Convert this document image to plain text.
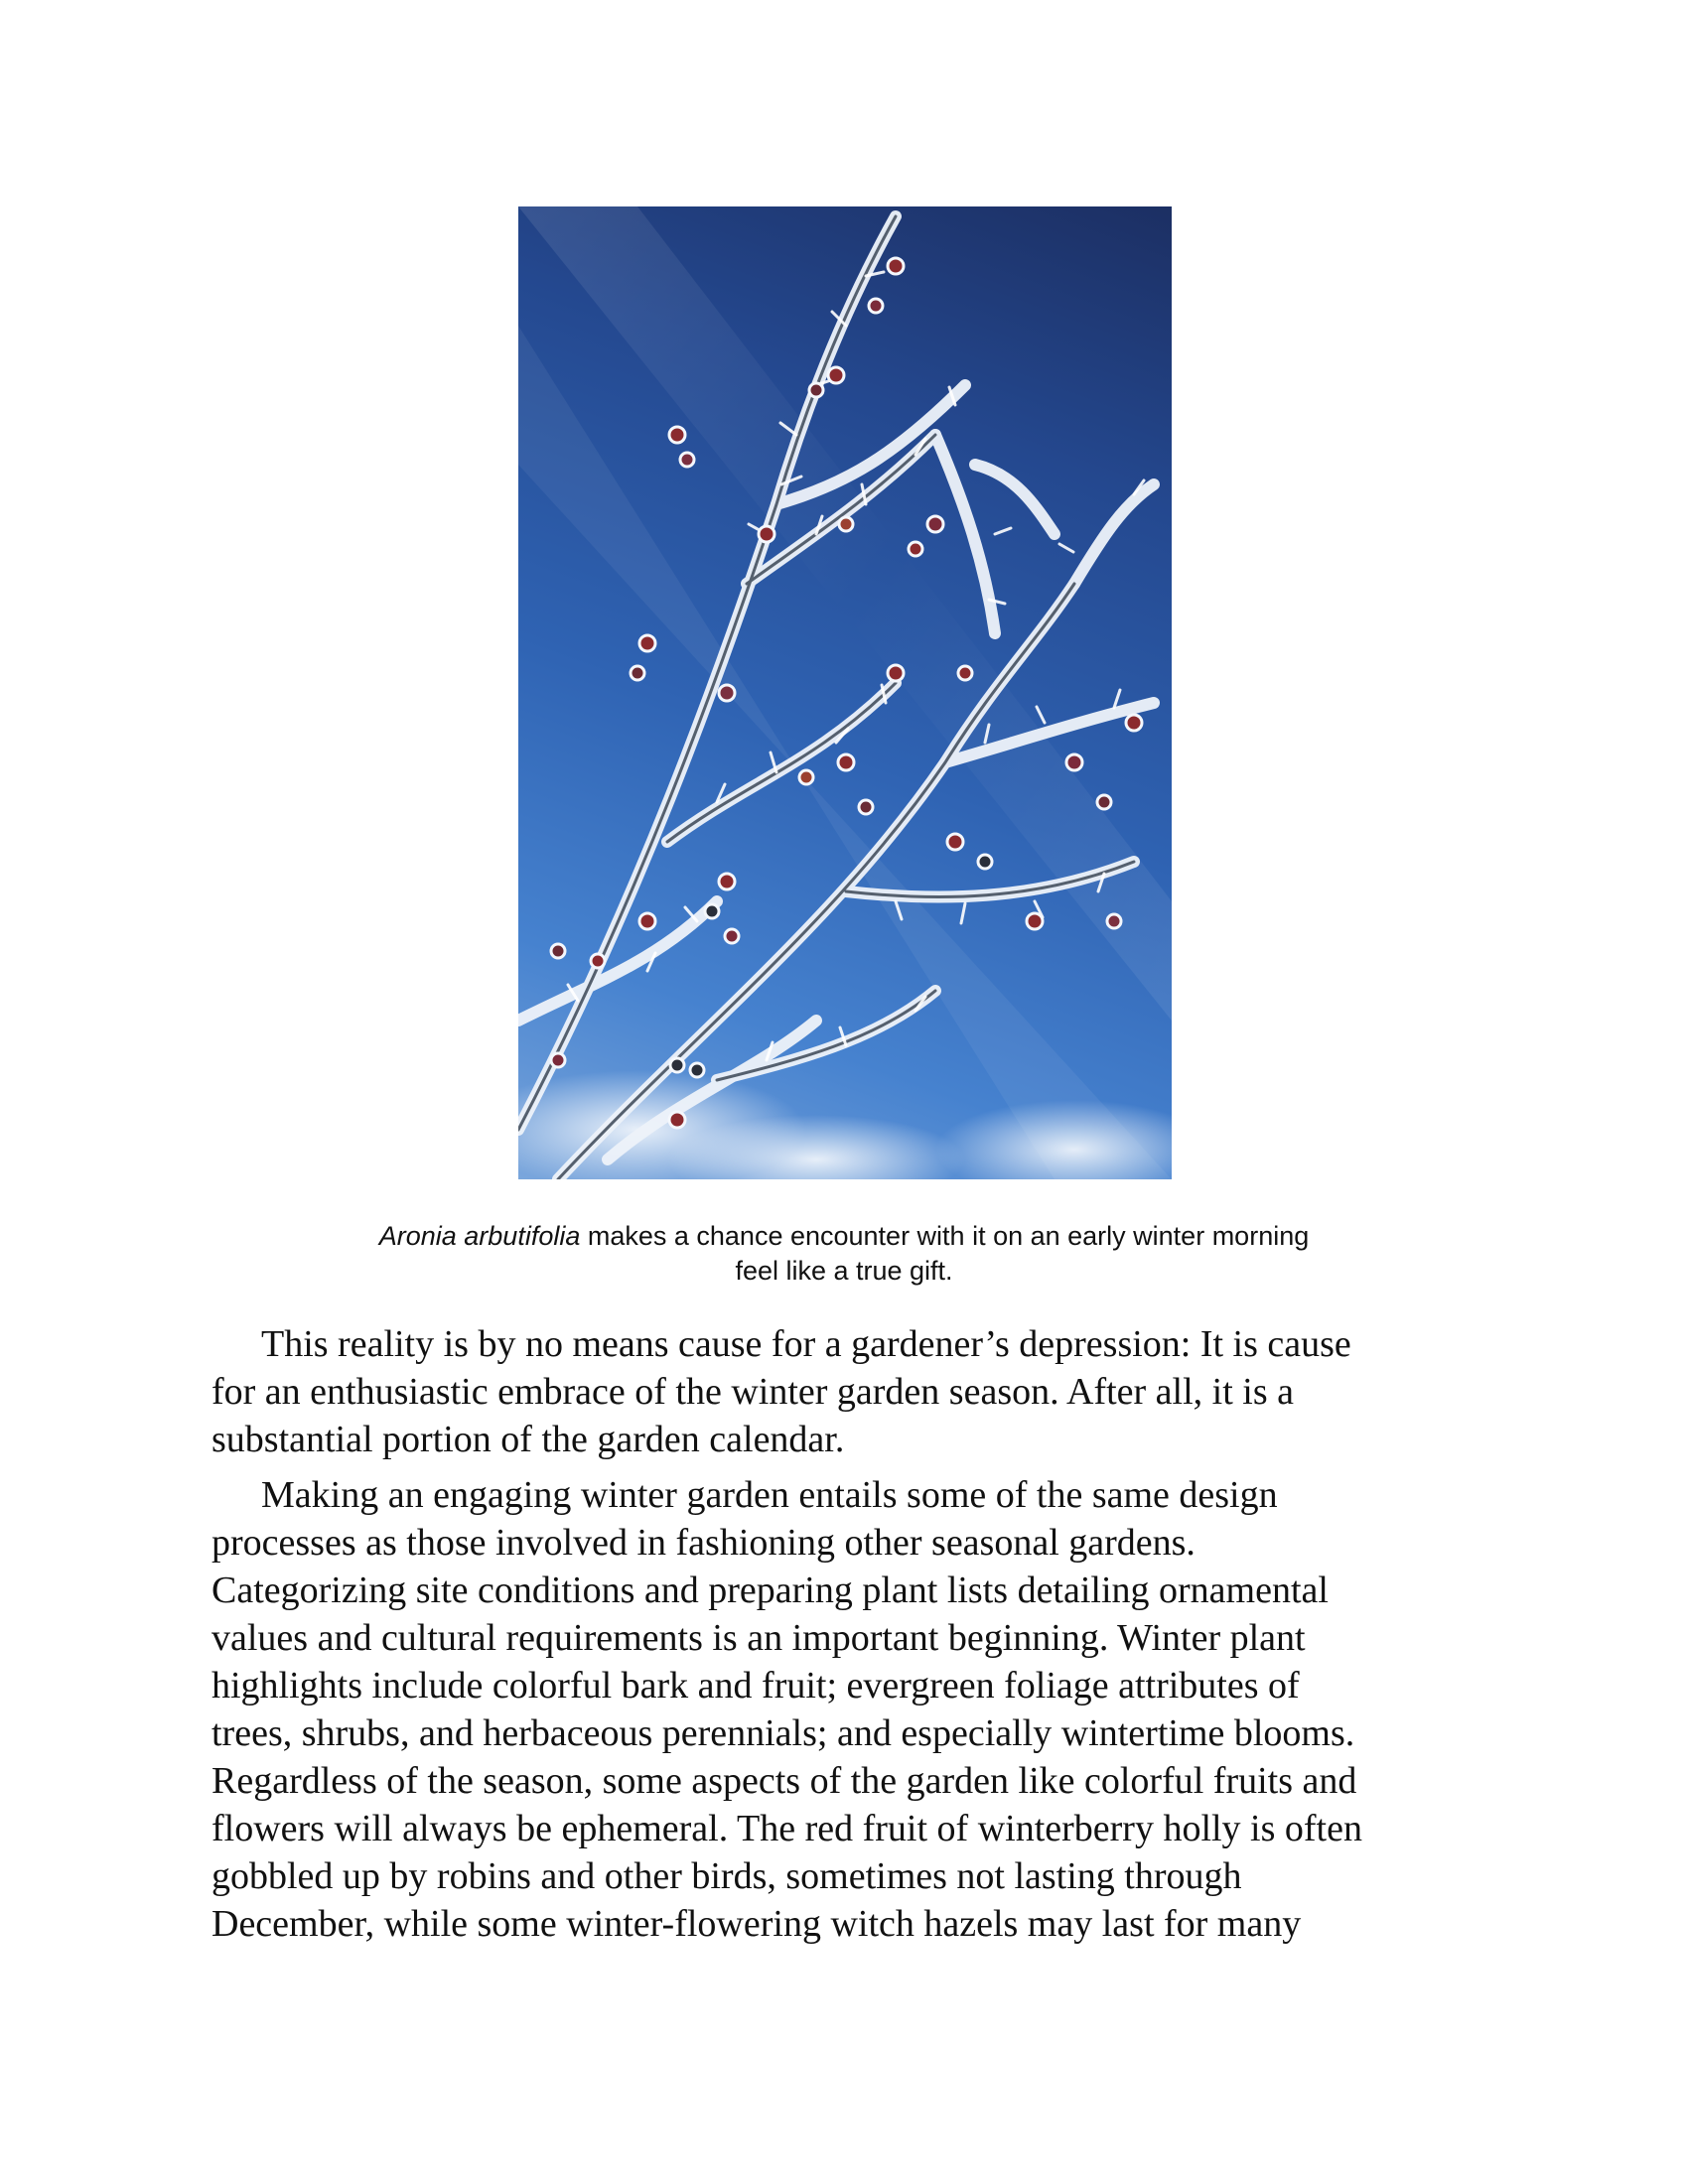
Aronia arbutifolia makes a chance encounter with it on an early winter morning
feel like a true gift.

This reality is by no means cause for a gardener’s depression: It is cause
for an enthusiastic embrace of the winter garden season. After all, it is a
substantial portion of the garden calendar.

Making an engaging winter garden entails some of the same design
processes as those involved in fashioning other seasonal gardens.
Categorizing site conditions and preparing plant lists detailing ornamental
values and cultural requirements is an important beginning. Winter plant
highlights include colorful bark and fruit; evergreen foliage attributes of
trees, shrubs, and herbaceous perennials; and especially wintertime blooms.
Regardless of the season, some aspects of the garden like colorful fruits and
flowers will always be ephemeral. The red fruit of winterberry holly is often
gobbled up by robins and other birds, sometimes not lasting through
December, while some winter-flowering witch hazels may last for many
